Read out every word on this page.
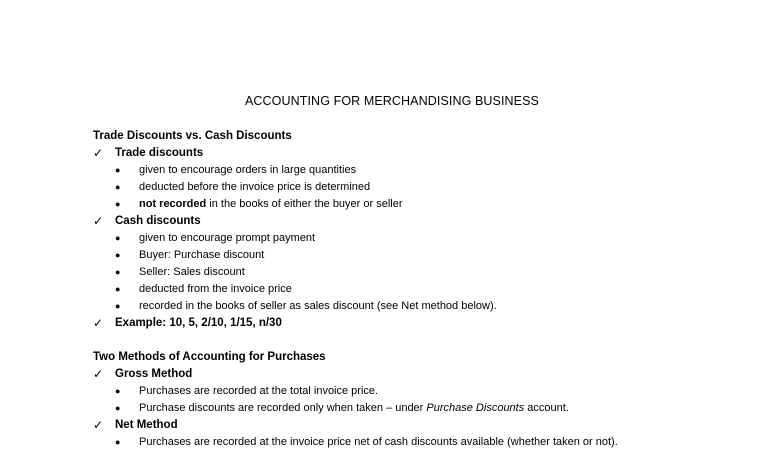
ACCOUNTING FOR MERCHANDISING BUSINESS
Trade Discounts vs. Cash Discounts
✓	Trade discounts
●	given to encourage orders in large quantities
●	deducted before the invoice price is determined
●	not recorded in the books of either the buyer or seller
✓	Cash discounts
●	given to encourage prompt payment
●	Buyer: Purchase discount
●	Seller: Sales discount
●	deducted from the invoice price
●	recorded in the books of seller as sales discount (see Net method below).
✓	Example: 10, 5, 2/10, 1/15, n/30
Two Methods of Accounting for Purchases
✓	Gross Method
●	Purchases are recorded at the total invoice price.
●	Purchase discounts are recorded only when taken – under Purchase Discounts account.
✓	Net Method
●	Purchases are recorded at the invoice price net of cash discounts available (whether taken or not).
